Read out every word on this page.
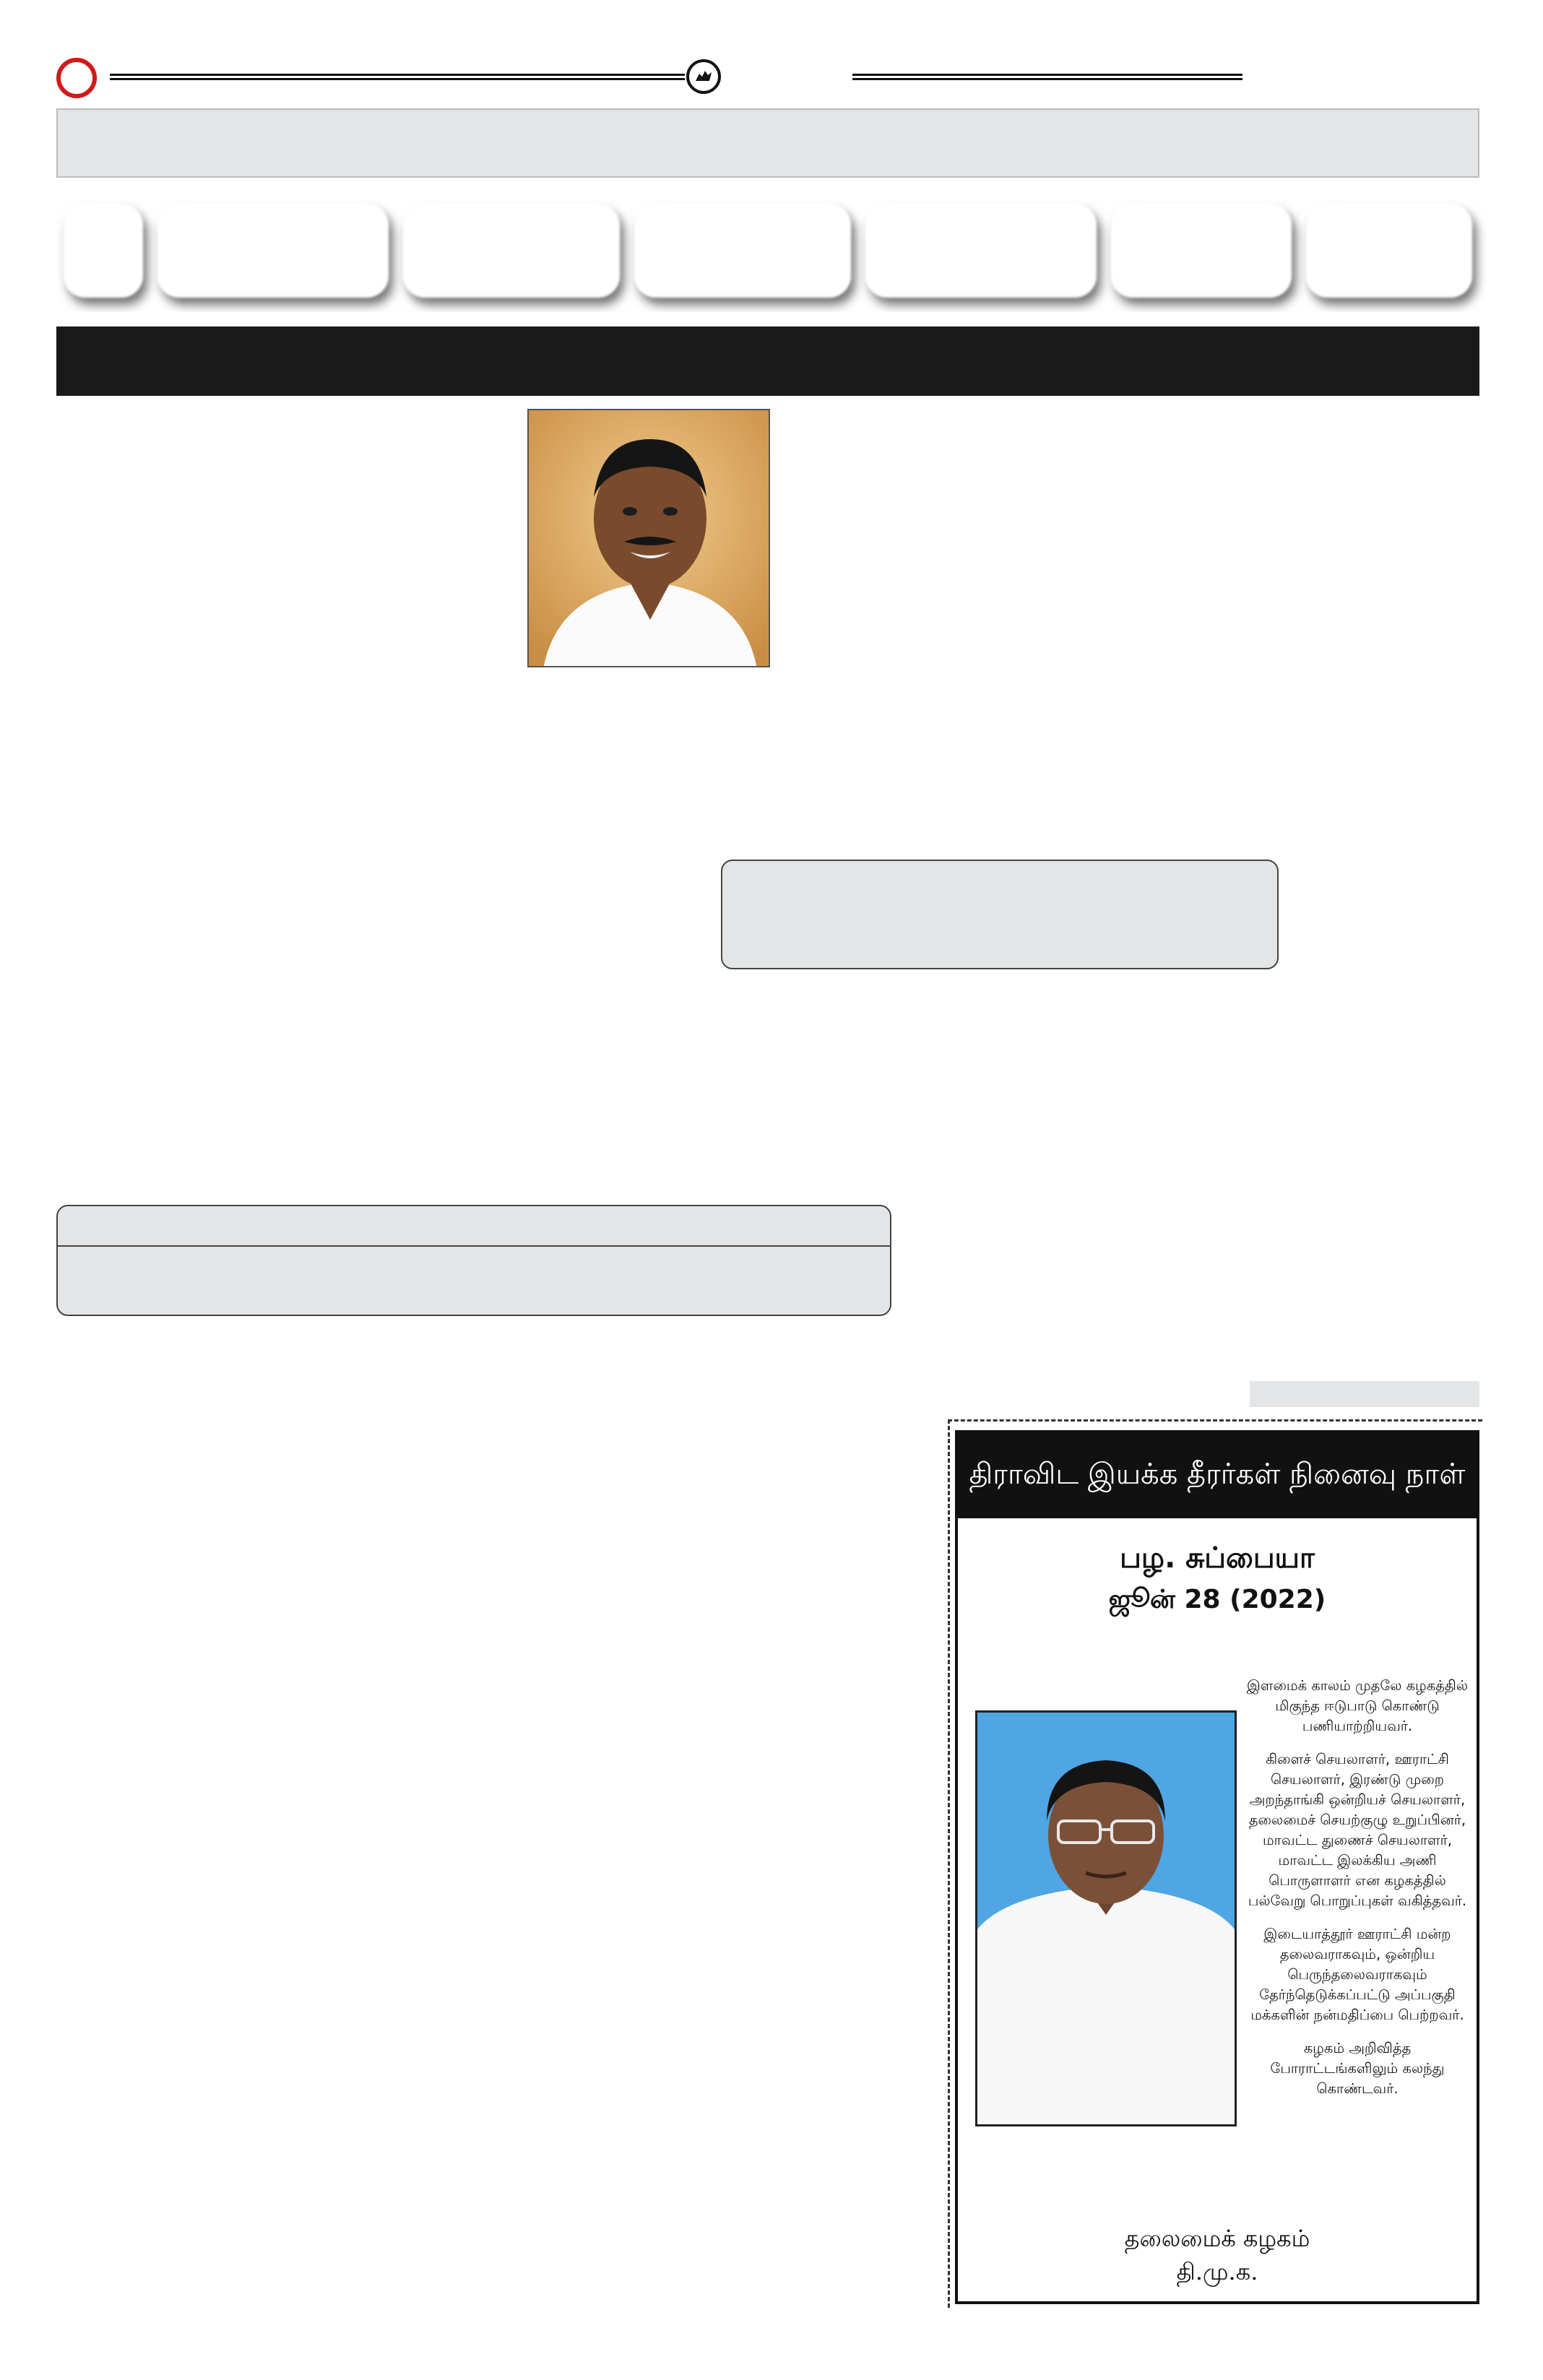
திராவிட இயக்க தீரர்கள் நினைவு நாள்
பழ. சுப்பையா
ஜூன் 28 (2022)

இளமைக் காலம் முதலே கழகத்தில் மிகுந்த ஈடுபாடு கொண்டு பணியாற்றியவர்.

கிளைச் செயலாளர், ஊராட்சி செயலாளர், இரண்டு முறை அறந்தாங்கி ஒன்றியச் செயலாளர், தலைமைச் செயற்குழு உறுப்பினர், மாவட்ட துணைச் செயலாளர், மாவட்ட இலக்கிய அணி பொருளாளர் என கழகத்தில் பல்வேறு பொறுப்புகள் வகித்தவர்.

இடையாத்தூர் ஊராட்சி மன்ற தலைவராகவும், ஒன்றிய பெருந்தலைவராகவும் தேர்ந்தெடுக்கப்பட்டு அப்பகுதி மக்களின் நன்மதிப்பை பெற்றவர்.

கழகம் அறிவித்த போராட்டங்களிலும் கலந்து கொண்டவர்.

தலைமைக் கழகம்
தி.மு.க.
